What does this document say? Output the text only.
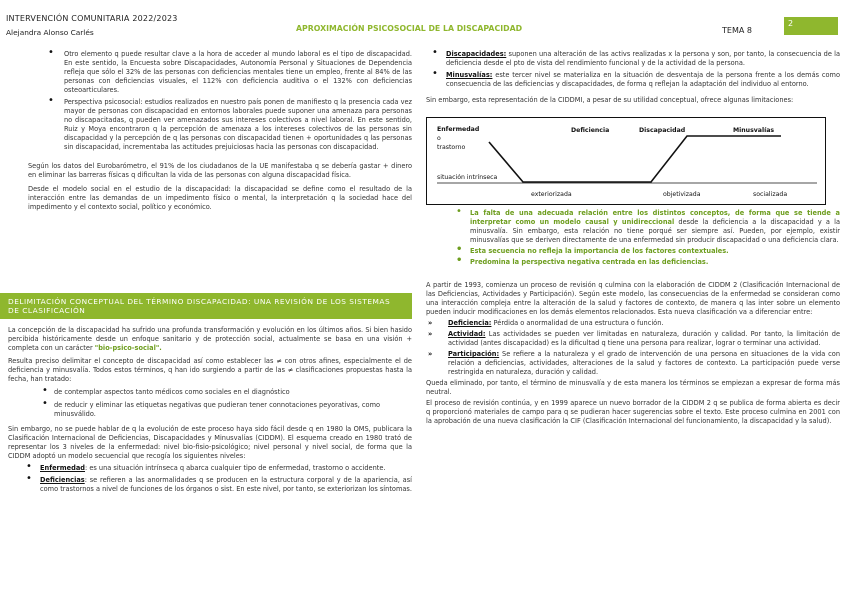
INTERVENCIÓN COMUNITARIA 2022/2023
Alejandra Alonso Carlés	APROXIMACIÓN PSICOSOCIAL DE LA DISCAPACIDAD	TEMA 8
2

• Otro elemento q puede resultar clave a la hora de acceder al mundo laboral es el tipo de discapacidad. En este sentido, la Encuesta sobre Discapacidades, Autonomía Personal y Situaciones de Dependencia refleja que sólo el 32% de las personas con deficiencias mentales tiene un empleo, frente al 84% de las personas con deficiencias visuales, el 112% con deficiencia auditiva o el 132% con deficiencias osteoarticulares.

• Perspectiva psicosocial: estudios realizados en nuestro país ponen de manifiesto q la presencia cada vez mayor de personas con discapacidad en entornos laborales puede suponer una amenaza para personas no discapacitadas, q pueden ver amenazados sus intereses colectivos a nivel laboral. En este sentido, Ruiz y Moya encontraron q la percepción de amenaza a los intereses colectivos de las personas sin discapacidad y la percepción de q las personas con discapacidad tienen + oportunidades q las personas sin discapacidad, incrementaba las actitudes prejuiciosas hacia las personas con discapacidad.

Según los datos del Eurobarómetro, el 91% de los ciudadanos de la UE manifestaba q se debería gastar + dinero en eliminar las barreras físicas q dificultan la vida de las personas con alguna discapacidad física.

Desde el modelo social en el estudio de la discapacidad: la discapacidad se define como el resultado de la interacción entre las demandas de un impedimento físico o mental, la interpretación q la sociedad hace del impedimento y el contexto social, político y económico.

DELIMITACIÓN CONCEPTUAL DEL TÉRMINO DISCAPACIDAD: UNA REVISIÓN DE LOS SISTEMAS DE CLASIFICACIÓN

La concepción de la discapacidad ha sufrido una profunda transformación y evolución en los últimos años. Si bien hasido percibida históricamente desde un enfoque sanitario y de protección social, actualmente se basa en una visión + completa con un carácter "bio-psico-social".

Resulta preciso delimitar el concepto de discapacidad así como establecer las ≠ con otros afines, especialmente el de deficiencia y minusvalía. Todos estos términos, q han ido surgiendo a partir de las ≠ clasificaciones propuestas hasta la fecha, han tratado:

• de contemplar aspectos tanto médicos como sociales en el diagnóstico

• de reducir y eliminar las etiquetas negativas que pudieran tener connotaciones peyorativas, como minusválido.

Sin embargo, no se puede hablar de q la evolución de este proceso haya sido fácil desde q en 1980 la OMS, publicara la Clasificación Internacional de Deficiencias, Discapacidades y Minusvalías (CIDDM). El esquema creado en 1980 trató de representar los 3 niveles de la enfermedad: nivel bio-fisio-psicológico; nivel personal y nivel social, de forma que la CIDDM adoptó un modelo secuencial que recogía los siguientes niveles:

• Enfermedad: es una situación intrínseca q abarca cualquier tipo de enfermedad, trastorno o accidente.

• Deficiencias: se refieren a las anormalidades q se producen en la estructura corporal y de la apariencia, así como trastornos a nivel de funciones de los órganos o sist. En este nivel, por tanto, se exteriorizan los síntomas.

• Discapacidades: suponen una alteración de las activs realizadas x la persona y son, por tanto, la consecuencia de la deficiencia desde el pto de vista del rendimiento funcional y de la actividad de la persona.

• Minusvalías: este tercer nivel se materializa en la situación de desventaja de la persona frente a los demás como consecuencia de las deficiencias y discapacidades, de forma q reflejan la adaptación del individuo al entorno.

Sin embargo, esta representación de la CIDDMI, a pesar de su utilidad conceptual, ofrece algunas limitaciones:

Enfermedad
o
trastorno
Deficiencia	Discapacidad	Minusvalías
situación intrínseca
exteriorizada	objetivizada	socializada

• La falta de una adecuada relación entre los distintos conceptos, de forma que se tiende a interpretar como un modelo causal y unidireccional desde la deficiencia a la discapacidad y a la minusvalía. Sin embargo, esta relación no tiene porqué ser siempre así. Pueden, por ejemplo, existir minusvalías que se deriven directamente de una enfermedad sin producir discapacidad o una deficiencia clara.

• Esta secuencia no refleja la importancia de los factores contextuales.

• Predomina la perspectiva negativa centrada en las deficiencias.

A partir de 1993, comienza un proceso de revisión q culmina con la elaboración de CIDDM 2 (Clasificación Internacional de las Deficiencias, Actividades y Participación). Según este modelo, las consecuencias de la enfermedad se consideran como una interacción compleja entre la alteración de la salud y factores de contexto, de manera q las inter sobre un elemento pueden inducir modificaciones en los demás elementos relacionados. Esta nueva clasificación va a diferenciar entre:

» Deficiencia: Pérdida o anormalidad de una estructura o función.

» Actividad: Las actividades se pueden ver limitadas en naturaleza, duración y calidad. Por tanto, la limitación de actividad (antes discapacidad) es la dificultad q tiene una persona para realizar, lograr o terminar una actividad.

» Participación: Se refiere a la naturaleza y el grado de intervención de una persona en situaciones de la vida con relación a deficiencias, actividades, alteraciones de la salud y factores de contexto. La participación puede verse restringida en naturaleza, duración y calidad.

Queda eliminado, por tanto, el término de minusvalía y de esta manera los términos se empiezan a expresar de forma más neutral.

El proceso de revisión continúa, y en 1999 aparece un nuevo borrador de la CIDDM 2 q se publica de forma abierta es decir q proporcionó materiales de campo para q se pudieran hacer sugerencias sobre el texto. Este proceso culmina en 2001 con la aprobación de una nueva clasificación la CIF (Clasificación Internacional del funcionamiento, la discapacidad y la salud).
